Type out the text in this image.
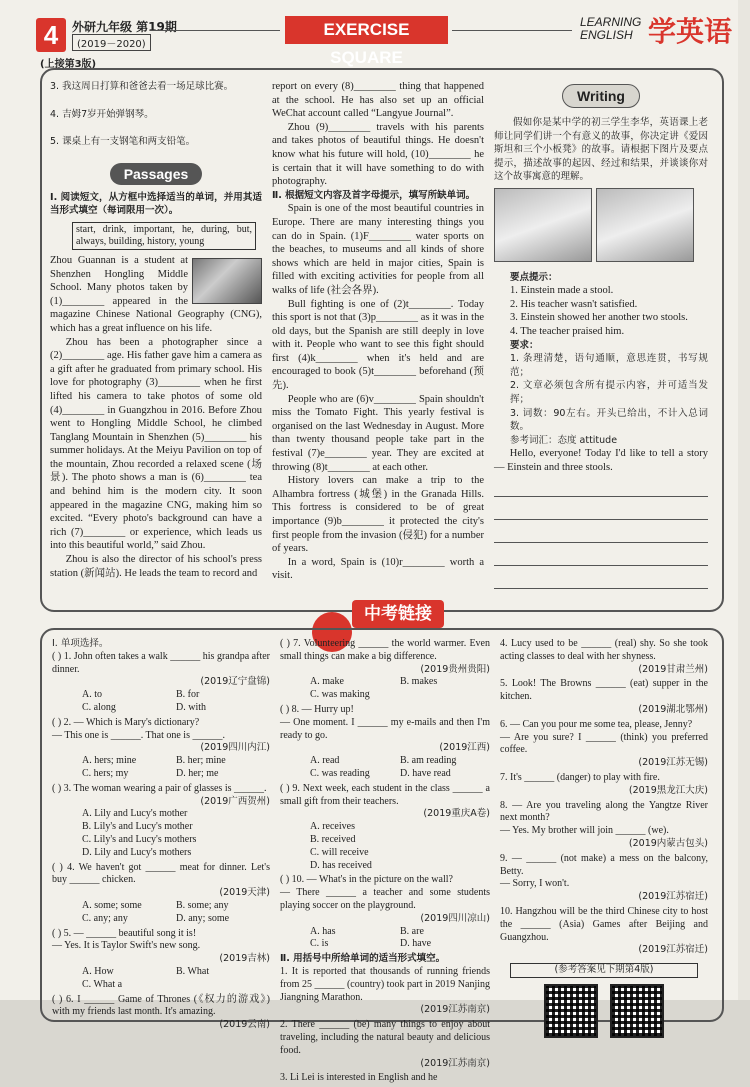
4	外研九年级 第19期
(2019－2020)
EXERCISE SQUARE
LEARNING
ENGLISH 学英语
(上接第3版)

3. 我这周日打算和爸爸去看一场足球比赛。

4. 吉姆7岁开始弹钢琴。

5. 课桌上有一支钢笔和两支铅笔。

Passages

Ⅰ. 阅读短文，从方框中选择适当的单词，并用其适当形式填空（每词限用一次）。

start, drink, important, he, during, but, always, building, history, young

Zhou Guannan is a student at Shenzhen Hongling Middle School. Many photos taken by (1)________ appeared in the magazine Chinese National Geography (CNG), which has a great influence on his life.

Zhou has been a photographer since a (2)________ age. His father gave him a camera as a gift after he graduated from primary school. His love for photography (3)________ when he first lifted his camera to take photos of some old (4)________ in Guangzhou in 2016. Before Zhou went to Hongling Middle School, he climbed Tanglang Mountain in Shenzhen (5)________ his summer holidays. At the Meiyu Pavilion on top of the mountain, Zhou recorded a relaxed scene (场景). The photo shows a man is (6)________ tea and behind him is the modern city. It soon appeared in the magazine CNG, making him so excited. “Every photo's background can have a rich (7)________ or experience, which leads us into this beautiful world,” said Zhou.

Zhou is also the director of his school's press station (新闻站). He leads the team to record and

report on every (8)________ thing that happened at the school. He has also set up an official WeChat account called “Langyue Journal”.

Zhou (9)________ travels with his parents and takes photos of beautiful things. He doesn't know what his future will hold, (10)________ he is certain that it will have something to do with photography.

Ⅱ. 根据短文内容及首字母提示，填写所缺单词。

Spain is one of the most beautiful countries in Europe. There are many interesting things you can do in Spain. (1)F________ water sports on the beaches, to museums and all kinds of shore shows which are held in major cities, Spain is filled with exciting activities for people from all walks of life (社会各界).

Bull fighting is one of (2)t________. Today this sport is not that (3)p________ as it was in the old days, but the Spanish are still deeply in love with it. People who want to see this fight should first (4)k________ when it's held and are encouraged to book (5)t________ beforehand (预先).

People who are (6)v________ Spain shouldn't miss the Tomato Fight. This yearly festival is organised on the last Wednesday in August. More than twenty thousand people take part in the festival (7)e________ year. They are excited at throwing (8)t________ at each other.

History lovers can make a trip to the Alhambra fortress (城堡) in the Granada Hills. This fortress is considered to be of great importance (9)b________ it protected the city's first people from the invasion (侵犯) for a number of years.

In a word, Spain is (10)r________ worth a visit.

Writing

假如你是某中学的初三学生李华，英语课上老师让同学们讲一个有意义的故事，你决定讲《爱因斯坦和三个小板凳》的故事。请根据下图片及要点提示，描述故事的起因、经过和结果，并谈谈你对这个故事寓意的理解。

要点提示：

1. Einstein made a stool.

2. His teacher wasn't satisfied.

3. Einstein showed her another two stools.

4. The teacher praised him.

要求：

1. 条理清楚，语句通顺，意思连贯，书写规范；

2. 文章必须包含所有提示内容，并可适当发挥；

3. 词数：90左右。开头已给出，不计入总词数。

参考词汇：态度 attitude

Hello, everyone! Today I'd like to tell a story — Einstein and three stools.

中考链接

Ⅰ. 单项选择。

( ) 1. John often takes a walk ______ his grandpa after dinner.

(2019辽宁盘锦)

A. to	B. for
C. along	D. with

( ) 2. — Which is Mary's dictionary?
— This one is ______. That one is ______.

(2019四川内江)

A. hers; mine	B. her; mine
C. hers; my	D. her; me

( ) 3. The woman wearing a pair of glasses is ______.

(2019广西贺州)

A. Lily and Lucy's mother
B. Lily's and Lucy's mother
C. Lily's and Lucy's mothers
D. Lily and Lucy's mothers

( ) 4. We haven't got ______ meat for dinner. Let's buy ______ chicken.

(2019天津)

A. some; some	B. some; any
C. any; any	D. any; some

( ) 5. — ______ beautiful song it is!
— Yes. It is Taylor Swift's new song.

(2019吉林)

A. How	B. What
C. What a

( ) 6. I ______ Game of Thrones (《权力的游戏》) with my friends last month. It's amazing.

(2019云南)

( ) 7. Volunteering ______ the world warmer. Even small things can make a big difference.

(2019贵州贵阳)

A. make	B. makes
C. was making

( ) 8. — Hurry up!
— One moment. I ______ my e-mails and then I'm ready to go.

(2019江西)

A. read	B. am reading
C. was reading	D. have read

( ) 9. Next week, each student in the class ______ a small gift from their teachers.

(2019重庆A卷)

A. receives
B. received
C. will receive
D. has received

( ) 10. — What's in the picture on the wall?
— There ______ a teacher and some students playing soccer on the playground.

(2019四川凉山)

A. has	B. are
C. is	D. have

Ⅱ. 用括号中所给单词的适当形式填空。

1. It is reported that thousands of running friends from 25 ______ (country) took part in 2019 Nanjing Jiangning Marathon.

(2019江苏南京)

2. There ______ (be) many things to enjoy about traveling, including the natural beauty and delicious food.

(2019江苏南京)

3. Li Lei is interested in English and he

4. Lucy used to be ______ (real) shy. So she took acting classes to deal with her shyness.

(2019甘肃兰州)

5. Look! The Browns ______ (eat) supper in the kitchen.

(2019湖北鄂州)

6. — Can you pour me some tea, please, Jenny?
— Are you sure? I ______ (think) you preferred coffee.

(2019江苏无锡)

7. It's ______ (danger) to play with fire.

(2019黑龙江大庆)

8. — Are you traveling along the Yangtze River next month?
— Yes. My brother will join ______ (we).

(2019内蒙古包头)

9. — ______ (not make) a mess on the balcony, Betty.
— Sorry, I won't.

(2019江苏宿迁)

10. Hangzhou will be the third Chinese city to host the ______ (Asia) Games after Beijing and Guangzhou.

(2019江苏宿迁)

(参考答案见下期第4版)
